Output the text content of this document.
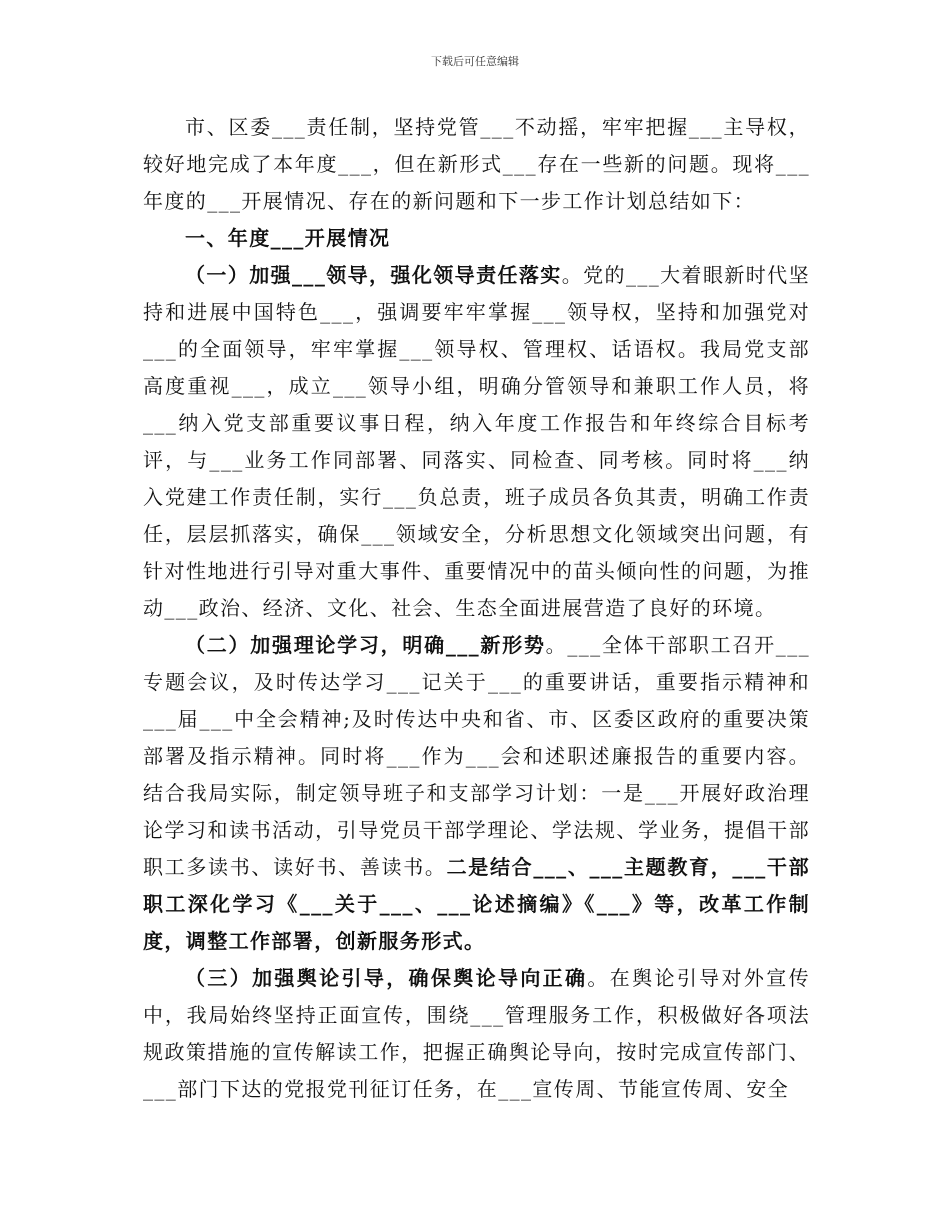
下载后可任意编辑

市、区委___责任制，坚持党管___不动摇，牢牢把握___主导权，较好地完成了本年度___，但在新形式___存在一些新的问题。现将___年度的___开展情况、存在的新问题和下一步工作计划总结如下：

一、年度___开展情况

（一）加强___领导，强化领导责任落实。党的___大着眼新时代坚持和进展中国特色___，强调要牢牢掌握___领导权，坚持和加强党对___的全面领导，牢牢掌握___领导权、管理权、话语权。我局党支部高度重视___，成立___领导小组，明确分管领导和兼职工作人员，将___纳入党支部重要议事日程，纳入年度工作报告和年终综合目标考评，与___业务工作同部署、同落实、同检查、同考核。同时将___纳入党建工作责任制，实行___负总责，班子成员各负其责，明确工作责任，层层抓落实，确保___领域安全，分析思想文化领域突出问题，有针对性地进行引导对重大事件、重要情况中的苗头倾向性的问题，为推动___政治、经济、文化、社会、生态全面进展营造了良好的环境。

（二）加强理论学习，明确___新形势。___全体干部职工召开___专题会议，及时传达学习___记关于___的重要讲话，重要指示精神和___届___中全会精神;及时传达中央和省、市、区委区政府的重要决策部署及指示精神。同时将___作为___会和述职述廉报告的重要内容。结合我局实际，制定领导班子和支部学习计划：一是___开展好政治理论学习和读书活动，引导党员干部学理论、学法规、学业务，提倡干部职工多读书、读好书、善读书。二是结合___、___主题教育，___干部职工深化学习《___关于___、___论述摘编》《___》等，改革工作制度，调整工作部署，创新服务形式。

（三）加强舆论引导，确保舆论导向正确。在舆论引导对外宣传中，我局始终坚持正面宣传，围绕___管理服务工作，积极做好各项法规政策措施的宣传解读工作，把握正确舆论导向，按时完成宣传部门、___部门下达的党报党刊征订任务，在___宣传周、节能宣传周、安全
